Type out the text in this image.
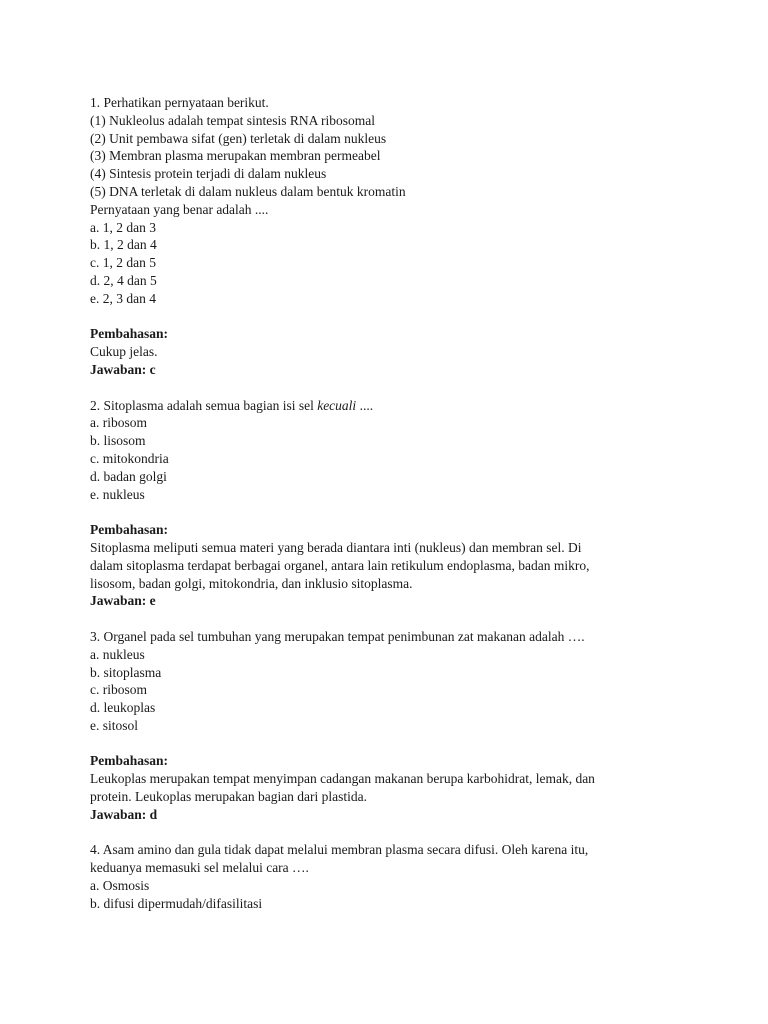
1. Perhatikan pernyataan berikut.
(1) Nukleolus adalah tempat sintesis RNA ribosomal
(2) Unit pembawa sifat (gen) terletak di dalam nukleus
(3) Membran plasma merupakan membran permeabel
(4) Sintesis protein terjadi di dalam nukleus
(5) DNA terletak di dalam nukleus dalam bentuk kromatin
Pernyataan yang benar adalah ....
a. 1, 2 dan 3
b. 1, 2 dan 4
c. 1, 2 dan 5
d. 2, 4 dan 5
e. 2, 3 dan 4
Pembahasan:
Cukup jelas.
Jawaban: c
2. Sitoplasma adalah semua bagian isi sel kecuali ....
a. ribosom
b. lisosom
c. mitokondria
d. badan golgi
e. nukleus
Pembahasan:
Sitoplasma meliputi semua materi yang berada diantara inti (nukleus) dan membran sel. Di
dalam sitoplasma terdapat berbagai organel, antara lain retikulum endoplasma, badan mikro,
lisosom, badan golgi, mitokondria, dan inklusio sitoplasma.
Jawaban: e
3. Organel pada sel tumbuhan yang merupakan tempat penimbunan zat makanan adalah ….
a. nukleus
b. sitoplasma
c. ribosom
d. leukoplas
e. sitosol
Pembahasan:
Leukoplas merupakan tempat menyimpan cadangan makanan berupa karbohidrat, lemak, dan
protein. Leukoplas merupakan bagian dari plastida.
Jawaban: d
4. Asam amino dan gula tidak dapat melalui membran plasma secara difusi. Oleh karena itu,
keduanya memasuki sel melalui cara ….
a. Osmosis
b. difusi dipermudah/difasilitasi
